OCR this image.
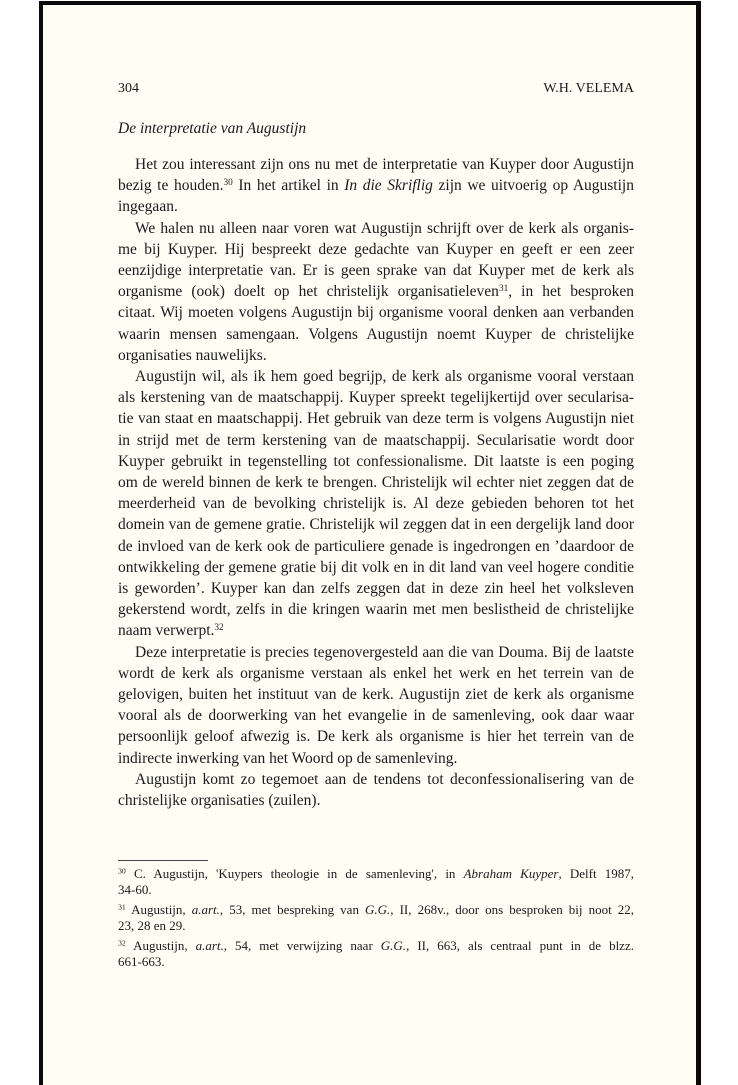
304	W.H. VELEMA
De interpretatie van Augustijn
Het zou interessant zijn ons nu met de interpretatie van Kuyper door Augustijn
bezig te houden.$^{30}$ In het artikel in In die Skriflig zijn we uitvoerig op Augustijn
ingegaan.
We halen nu alleen naar voren wat Augustijn schrijft over de kerk als organis-
me bij Kuyper. Hij bespreekt deze gedachte van Kuyper en geeft er een zeer
eenzijdige interpretatie van. Er is geen sprake van dat Kuyper met de kerk als
organisme (ook) doelt op het christelijk organisatieleven$^{31}$, in het besproken
citaat. Wij moeten volgens Augustijn bij organisme vooral denken aan verbanden
waarin mensen samengaan. Volgens Augustijn noemt Kuyper de christelijke
organisaties nauwelijks.
Augustijn wil, als ik hem goed begrijp, de kerk als organisme vooral verstaan
als kerstening van de maatschappij. Kuyper spreekt tegelijkertijd over secularisa-
tie van staat en maatschappij. Het gebruik van deze term is volgens Augustijn niet
in strijd met de term kerstening van de maatschappij. Secularisatie wordt door
Kuyper gebruikt in tegenstelling tot confessionalisme. Dit laatste is een poging
om de wereld binnen de kerk te brengen. Christelijk wil echter niet zeggen dat de
meerderheid van de bevolking christelijk is. Al deze gebieden behoren tot het
domein van de gemene gratie. Christelijk wil zeggen dat in een dergelijk land door
de invloed van de kerk ook de particuliere genade is ingedrongen en ’daardoor de
ontwikkeling der gemene gratie bij dit volk en in dit land van veel hogere conditie
is geworden’. Kuyper kan dan zelfs zeggen dat in deze zin heel het volksleven
gekerstend wordt, zelfs in die kringen waarin met men beslistheid de christelijke
naam verwerpt.$^{32}$
Deze interpretatie is precies tegenovergesteld aan die van Douma. Bij de laatste
wordt de kerk als organisme verstaan als enkel het werk en het terrein van de
gelovigen, buiten het instituut van de kerk. Augustijn ziet de kerk als organisme
vooral als de doorwerking van het evangelie in de samenleving, ook daar waar
persoonlijk geloof afwezig is. De kerk als organisme is hier het terrein van de
indirecte inwerking van het Woord op de samenleving.
Augustijn komt zo tegemoet aan de tendens tot deconfessionalisering van de
christelijke organisaties (zuilen).
$^{30}$ C. Augustijn, 'Kuypers theologie in de samenleving', in Abraham Kuyper, Delft 1987,
34-60.
$^{31}$ Augustijn, a.art., 53, met bespreking van G.G., II, 268v., door ons besproken bij noot 22,
23, 28 en 29.
$^{32}$ Augustijn, a.art., 54, met verwijzing naar G.G., II, 663, als centraal punt in de blzz.
661-663.
